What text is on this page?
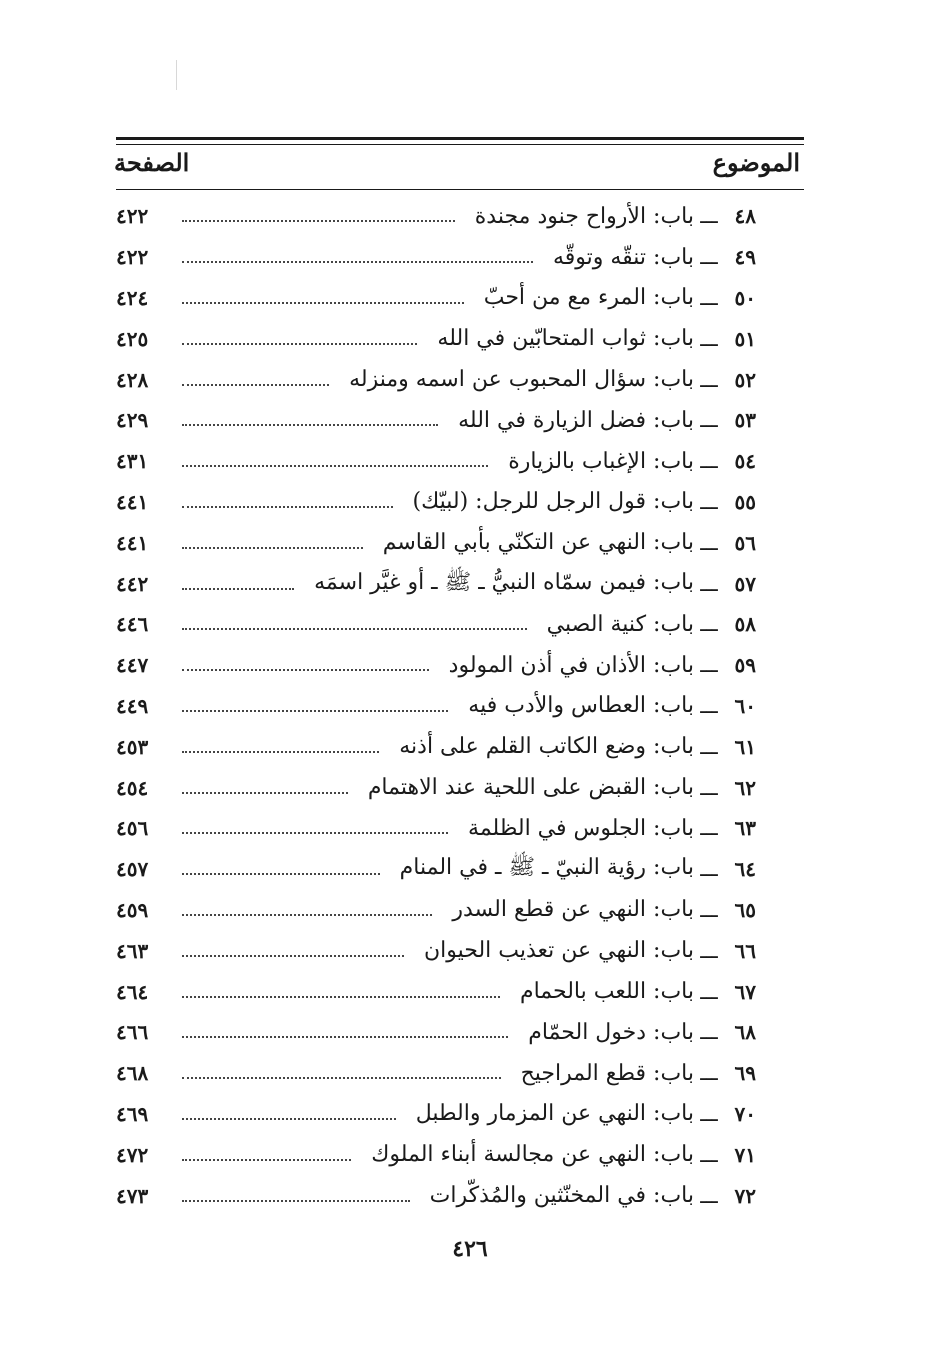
الموضوع
الصفحة
٤٨
ـــ
باب: الأرواح جنود مجندة
٤٢٢
٤٩
ـــ
باب: تنقّه وتوقّه
٤٢٢
٥٠
ـــ
باب: المرء مع من أحبّ
٤٢٤
٥١
ـــ
باب: ثواب المتحابّين في الله
٤٢٥
٥٢
ـــ
باب: سؤال المحبوب عن اسمه ومنزله
٤٢٨
٥٣
ـــ
باب: فضل الزيارة في الله
٤٢٩
٥٤
ـــ
باب: الإغباب بالزيارة
٤٣١
٥٥
ـــ
باب: قول الرجل للرجل: (لبيّك)
٤٤١
٥٦
ـــ
باب: النهي عن التكنّي بأبي القاسم
٤٤١
٥٧
ـــ
باب: فيمن سمّاه النبيُّ ـ ﷺ ـ أو غيَّر اسمَه
٤٤٢
٥٨
ـــ
باب: كنية الصبي
٤٤٦
٥٩
ـــ
باب: الأذان في أذن المولود
٤٤٧
٦٠
ـــ
باب: العطاس والأدب فيه
٤٤٩
٦١
ـــ
باب: وضع الكاتب القلم على أذنه
٤٥٣
٦٢
ـــ
باب: القبض على اللحية عند الاهتمام
٤٥٤
٦٣
ـــ
باب: الجلوس في الظلمة
٤٥٦
٦٤
ـــ
باب: رؤية النبيّ ـ ﷺ ـ في المنام
٤٥٧
٦٥
ـــ
باب: النهي عن قطع السدر
٤٥٩
٦٦
ـــ
باب: النهي عن تعذيب الحيوان
٤٦٣
٦٧
ـــ
باب: اللعب بالحمام
٤٦٤
٦٨
ـــ
باب: دخول الحمّام
٤٦٦
٦٩
ـــ
باب: قطع المراجيح
٤٦٨
٧٠
ـــ
باب: النهي عن المزمار والطبل
٤٦٩
٧١
ـــ
باب: النهي عن مجالسة أبناء الملوك
٤٧٢
٧٢
ـــ
باب: في المخنّثين والمُذكّرات
٤٧٣
٤٢٦
